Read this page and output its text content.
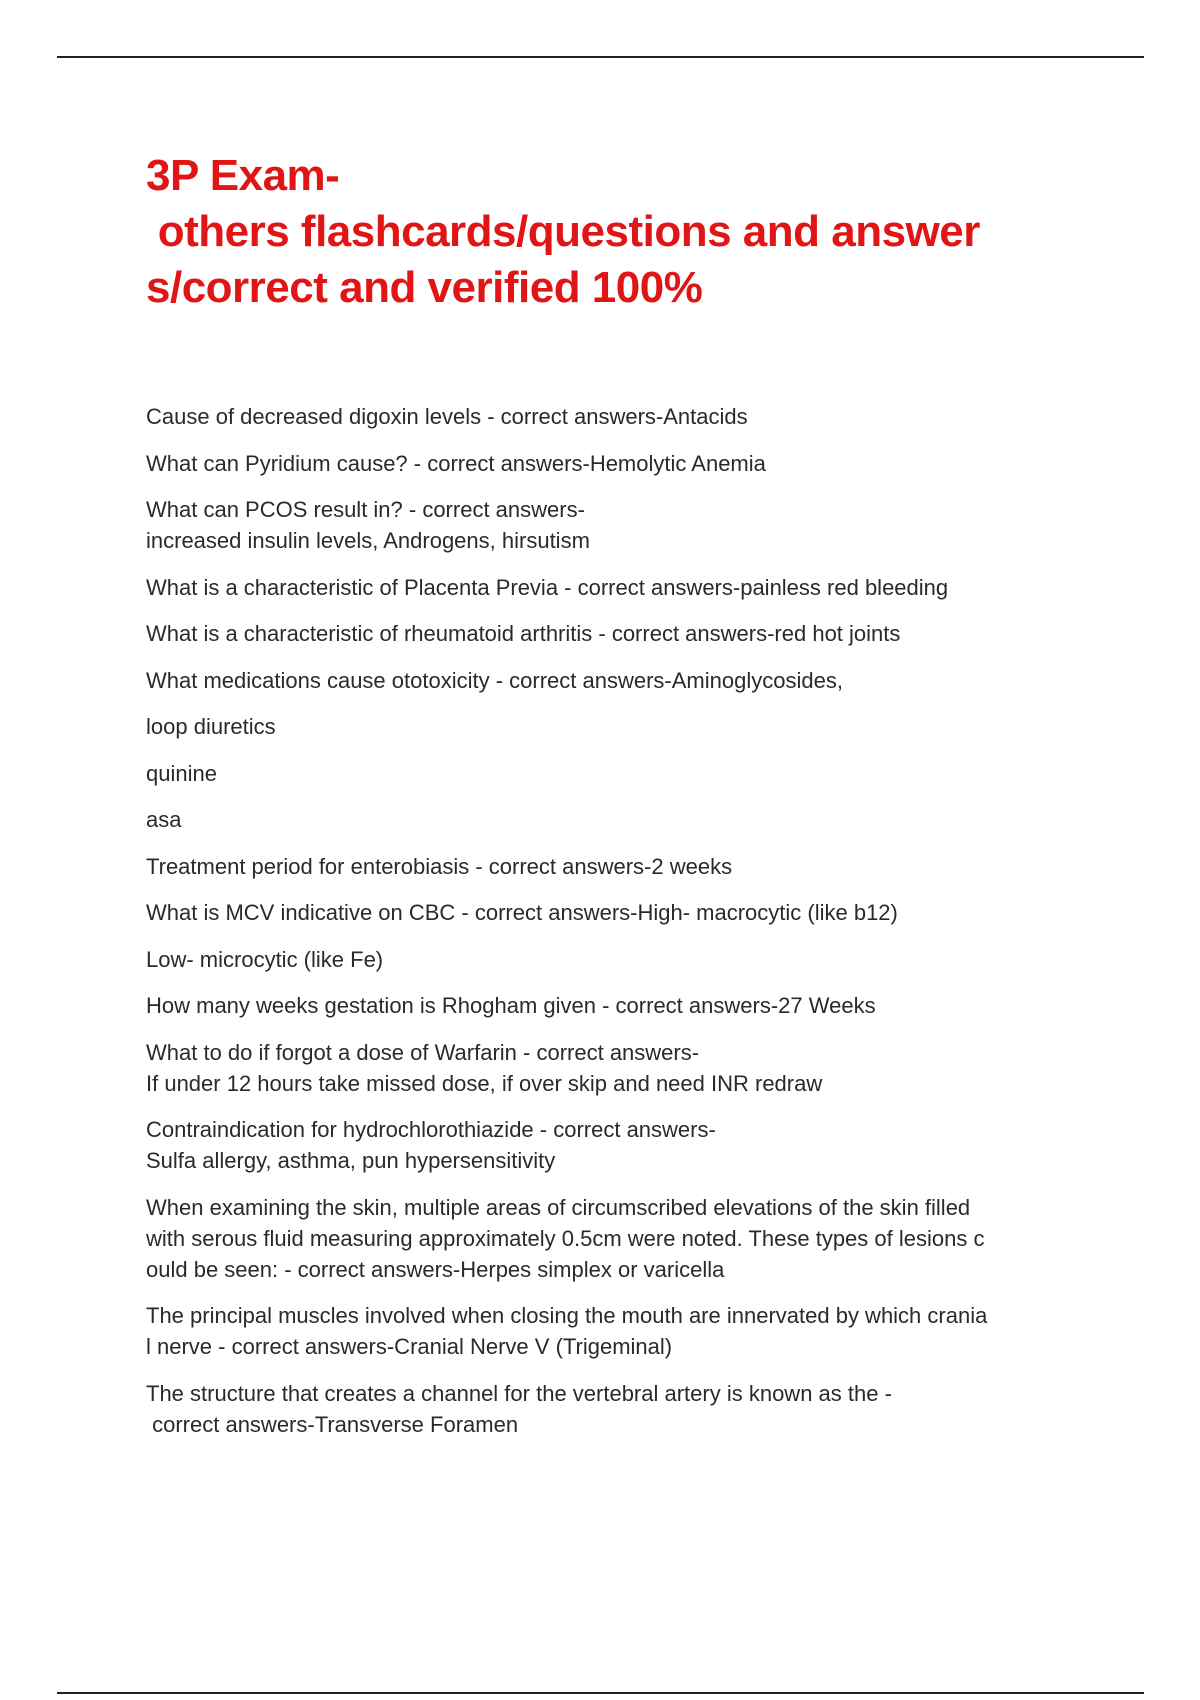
3P Exam-
others flashcards/questions and answer
s/correct and verified 100%

Cause of decreased digoxin levels - correct answers-Antacids

What can Pyridium cause? - correct answers-Hemolytic Anemia

What can PCOS result in? - correct answers-
increased insulin levels, Androgens, hirsutism

What is a characteristic of Placenta Previa - correct answers-painless red bleeding

What is a characteristic of rheumatoid arthritis - correct answers-red hot joints

What medications cause ototoxicity - correct answers-Aminoglycosides,

loop diuretics

quinine

asa

Treatment period for enterobiasis - correct answers-2 weeks

What is MCV indicative on CBC - correct answers-High- macrocytic (like b12)

Low- microcytic (like Fe)

How many weeks gestation is Rhogham given - correct answers-27 Weeks

What to do if forgot a dose of Warfarin - correct answers-
If under 12 hours take missed dose, if over skip and need INR redraw

Contraindication for hydrochlorothiazide - correct answers-
Sulfa allergy, asthma, pun hypersensitivity

When examining the skin, multiple areas of circumscribed elevations of the skin filled
with serous fluid measuring approximately 0.5cm were noted. These types of lesions c
ould be seen: - correct answers-Herpes simplex or varicella

The principal muscles involved when closing the mouth are innervated by which crania
l nerve - correct answers-Cranial Nerve V (Trigeminal)

The structure that creates a channel for the vertebral artery is known as the -
correct answers-Transverse Foramen
